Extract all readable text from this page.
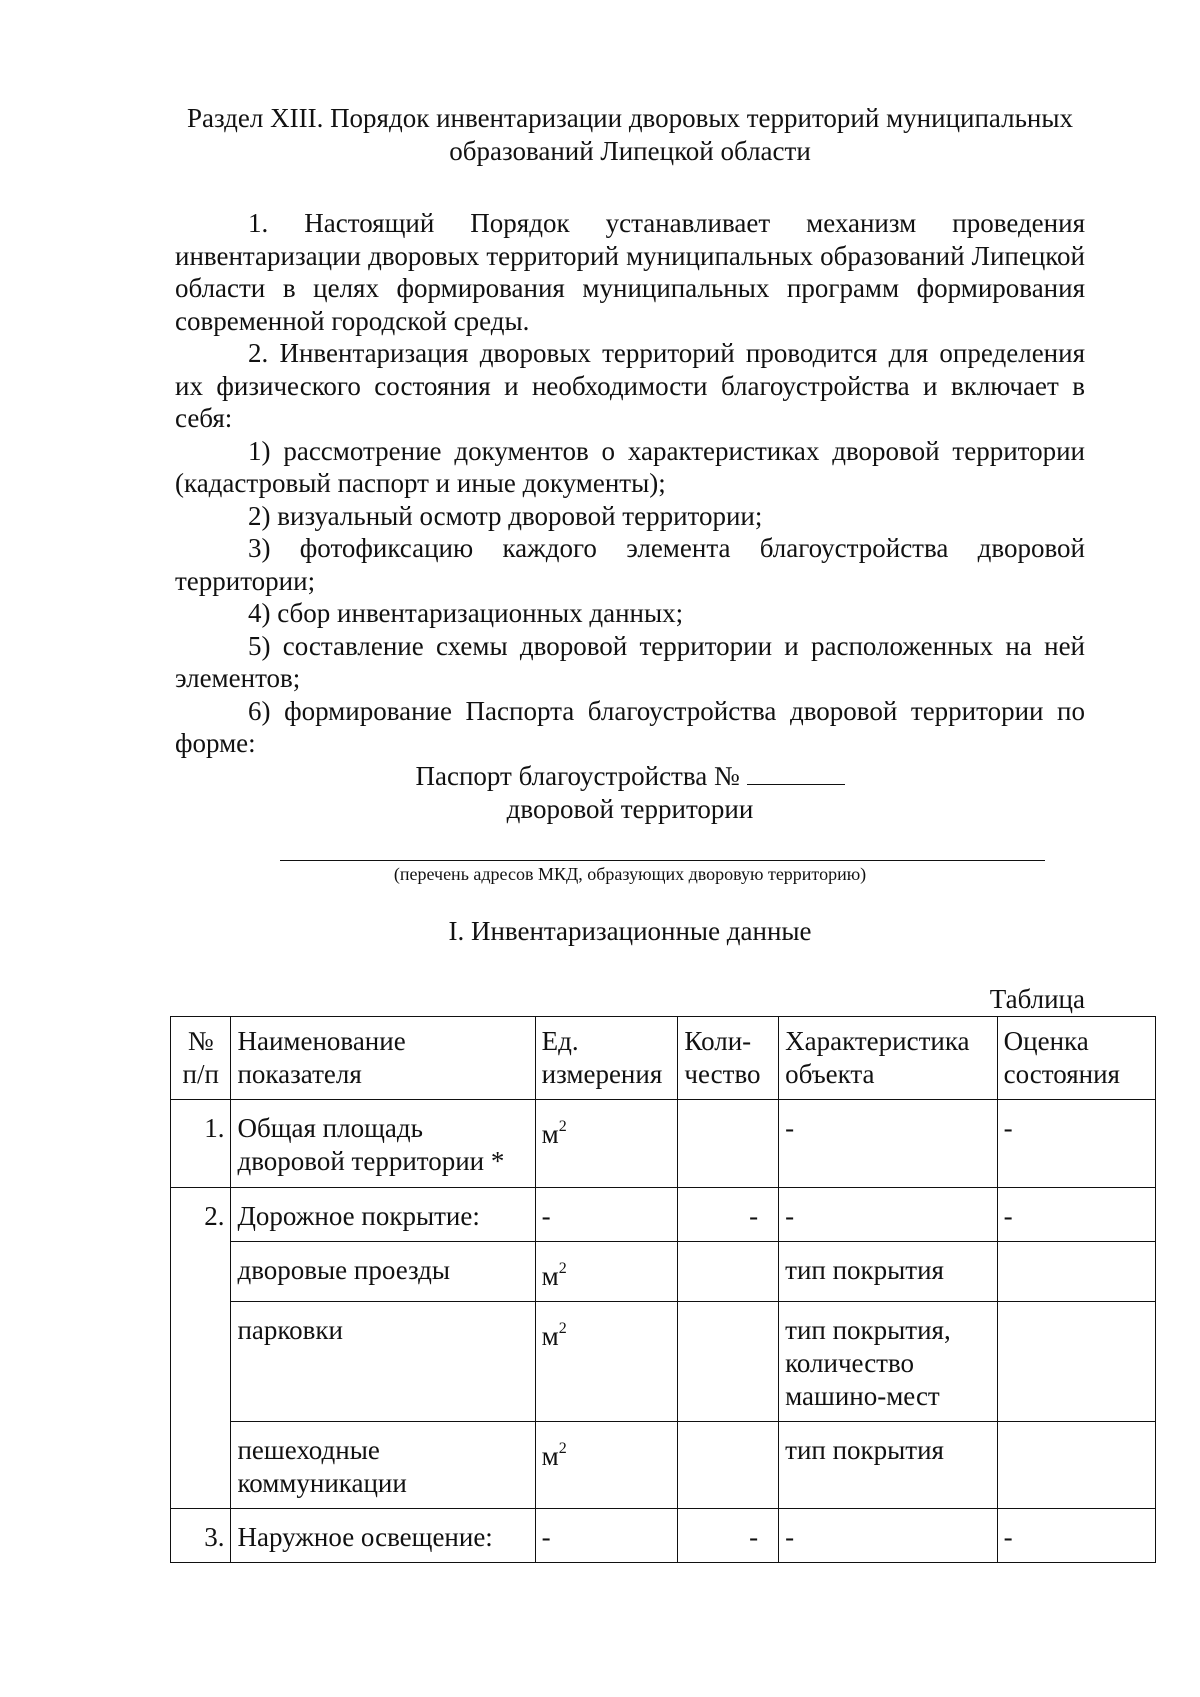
Раздел XIII. Порядок инвентаризации дворовых территорий муниципальных
образований Липецкой области

1. Настоящий Порядок устанавливает механизм проведения инвентаризации дворовых территорий муниципальных образований Липецкой области в целях формирования муниципальных программ формирования современной городской среды.

2. Инвентаризация дворовых территорий проводится для определения их физического состояния и необходимости благоустройства и включает в себя:

1) рассмотрение документов о характеристиках дворовой территории (кадастровый паспорт и иные документы);

2) визуальный осмотр дворовой территории;

3) фотофиксацию каждого элемента благоустройства дворовой территории;

4) сбор инвентаризационных данных;

5) составление схемы дворовой территории и расположенных на ней элементов;

6) формирование Паспорта благоустройства дворовой территории по форме:

Паспорт благоустройства №
дворовой территории
(перечень адресов МКД, образующих дворовую территорию)
I. Инвентаризационные данные
Таблица
№ п/п	Наименование показателя	Ед. измерения	Коли-чество	Характеристика объекта	Оценка состояния
1.	Общая площадь дворовой территории *	$м^2$		-	-
2.	Дорожное покрытие:	-	-	-	-
	дворовые проезды	$м^2$		тип покрытия	
	парковки	$м^2$		тип покрытия, количество машино-мест	
	пешеходные коммуникации	$м^2$		тип покрытия	
3.	Наружное освещение:	-	-	-	-
